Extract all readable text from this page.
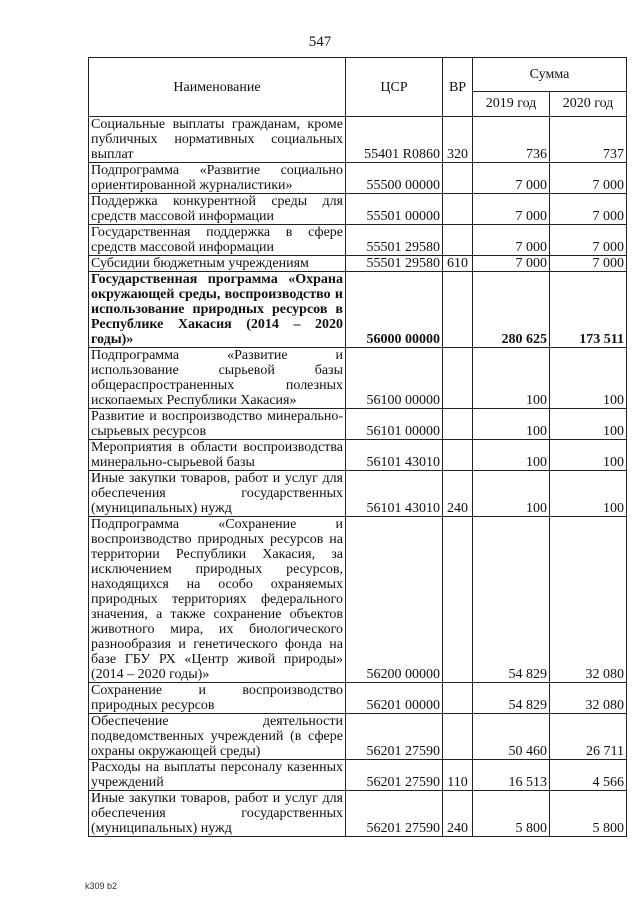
547
Наименование	ЦСР	ВР	Сумма	
			2019 год	2020 год
Социальные выплаты гражданам, кроме публичных нормативных социальных выплат	55401 R0860	320	736	737
Подпрограмма «Развитие социально ориентированной журналистики»	55500 00000		7 000	7 000
Поддержка конкурентной среды для средств массовой информации	55501 00000		7 000	7 000
Государственная поддержка в сфере средств массовой информации	55501 29580		7 000	7 000
Субсидии бюджетным учреждениям	55501 29580	610	7 000	7 000
Государственная программа «Охрана окружающей среды, воспроизводство и использование природных ресурсов в Республике Хакасия (2014 – 2020 годы)»	56000 00000		280 625	173 511
Подпрограмма «Развитие и использование сырьевой базы общераспространенных полезных ископаемых Республики Хакасия»	56100 00000		100	100
Развитие и воспроизводство минерально-сырьевых ресурсов	56101 00000		100	100
Мероприятия в области воспроизводства минерально-сырьевой базы	56101 43010		100	100
Иные закупки товаров, работ и услуг для обеспечения государственных (муниципальных) нужд	56101 43010	240	100	100
Подпрограмма «Сохранение и воспроизводство природных ресурсов на территории Республики Хакасия, за исключением природных ресурсов, находящихся на особо охраняемых природных территориях федерального значения, а также сохранение объектов животного мира, их биологического разнообразия и генетического фонда на базе ГБУ РХ «Центр живой природы» (2014 – 2020 годы)»	56200 00000		54 829	32 080
Сохранение и воспроизводство природных ресурсов	56201 00000		54 829	32 080
Обеспечение деятельности подведомственных учреждений (в сфере охраны окружающей среды)	56201 27590		50 460	26 711
Расходы на выплаты персоналу казенных учреждений	56201 27590	110	16 513	4 566
Иные закупки товаров, работ и услуг для обеспечения государственных (муниципальных) нужд	56201 27590	240	5 800	5 800
k309 b2
